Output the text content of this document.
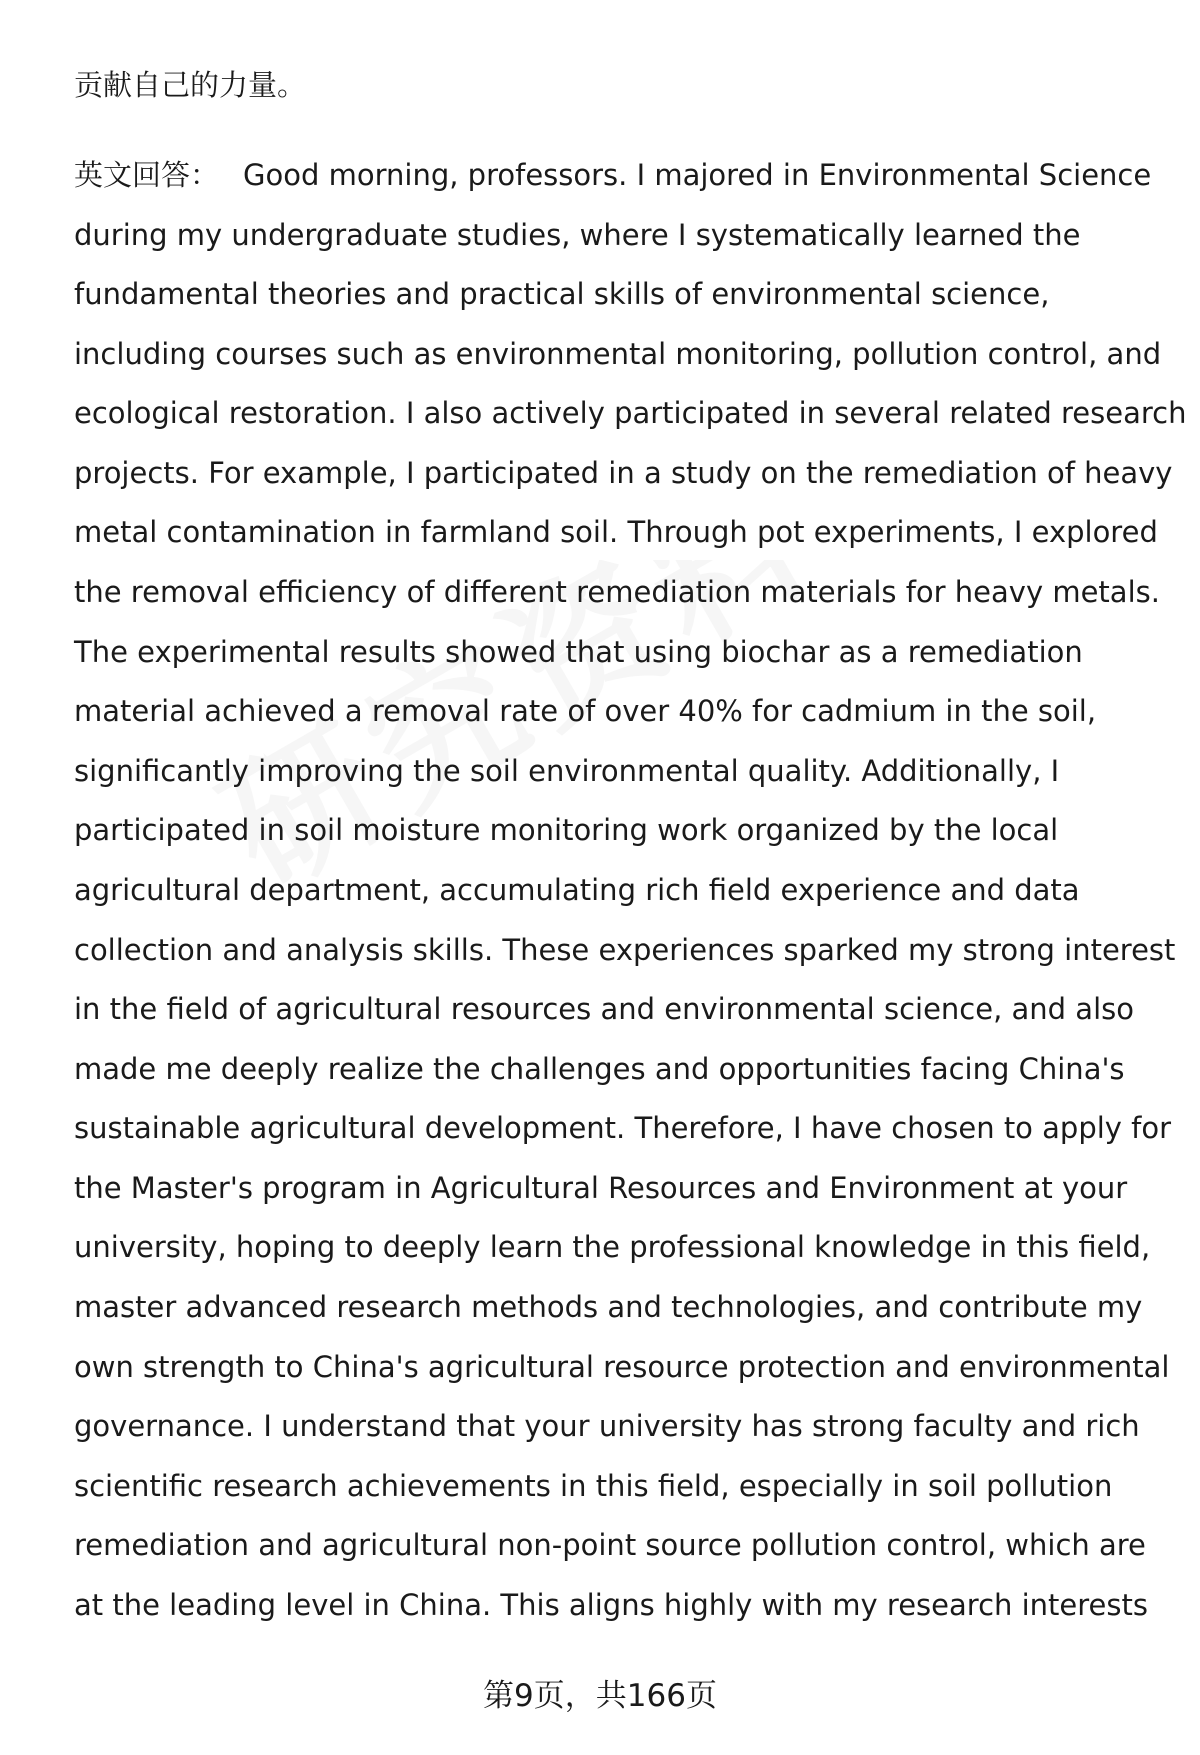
贡献自己的力量。

英文回答： Good morning, professors. I majored in Environmental Science

during my undergraduate studies, where I systematically learned the

fundamental theories and practical skills of environmental science,

including courses such as environmental monitoring, pollution control, and

ecological restoration. I also actively participated in several related research

projects. For example, I participated in a study on the remediation of heavy

metal contamination in farmland soil. Through pot experiments, I explored

the removal efficiency of different remediation materials for heavy metals.

The experimental results showed that using biochar as a remediation

material achieved a removal rate of over 40% for cadmium in the soil,

significantly improving the soil environmental quality. Additionally, I

participated in soil moisture monitoring work organized by the local

agricultural department, accumulating rich field experience and data

collection and analysis skills. These experiences sparked my strong interest

in the field of agricultural resources and environmental science, and also

made me deeply realize the challenges and opportunities facing China's

sustainable agricultural development. Therefore, I have chosen to apply for

the Master's program in Agricultural Resources and Environment at your

university, hoping to deeply learn the professional knowledge in this field,

master advanced research methods and technologies, and contribute my

own strength to China's agricultural resource protection and environmental

governance. I understand that your university has strong faculty and rich

scientific research achievements in this field, especially in soil pollution

remediation and agricultural non-point source pollution control, which are

at the leading level in China. This aligns highly with my research interests

第9页，共166页
